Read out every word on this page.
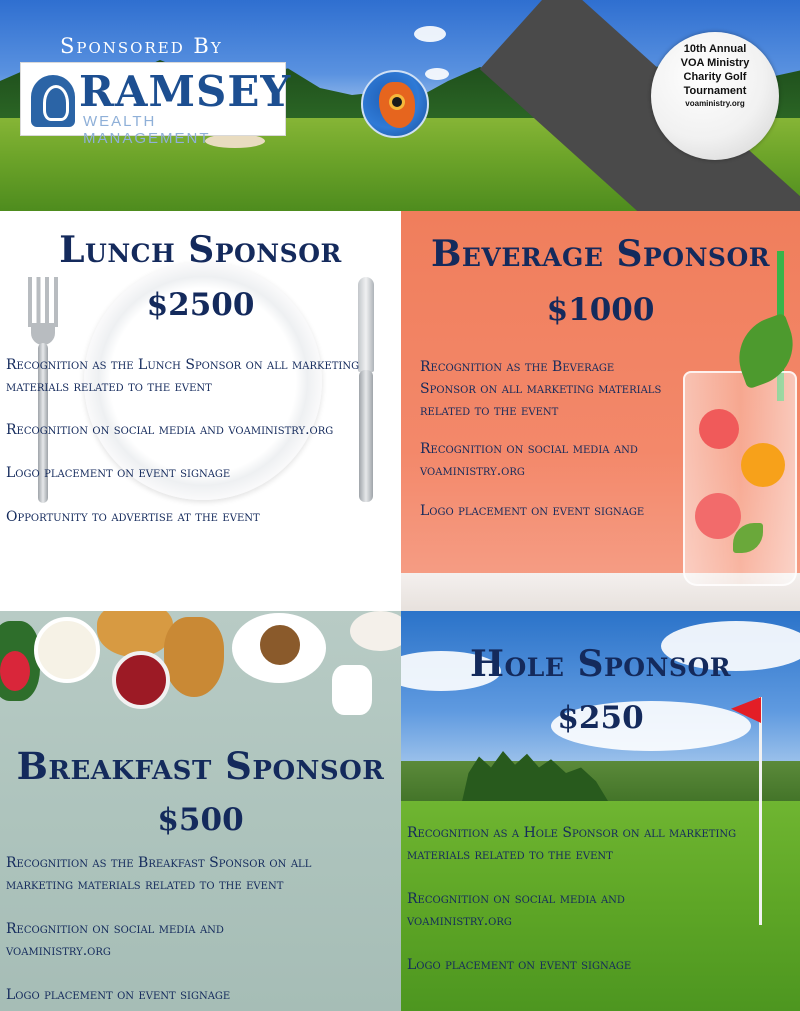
Sponsored By
RAMSEY
WEALTH MANAGEMENT
10th Annual
VOA Ministry
Charity Golf
Tournament
voaministry.org
Lunch Sponsor
$2500
Recognition as the Lunch Sponsor on all marketing materials related to the event
Recognition on social media and voaministry.org
Logo placement on event signage
Opportunity to advertise at the event
Beverage Sponsor
$1000
Recognition as the Beverage Sponsor on all marketing materials related to the event
Recognition on social media and voaministry.org
Logo placement on event signage
Breakfast Sponsor
$500
Recognition as the Breakfast Sponsor on all marketing materials related to the event
Recognition on social media and voaministry.org
Logo placement on event signage
Hole Sponsor
$250
Recognition as a Hole Sponsor on all marketing materials related to the event
Recognition on social media and voaministry.org
Logo placement on event signage
